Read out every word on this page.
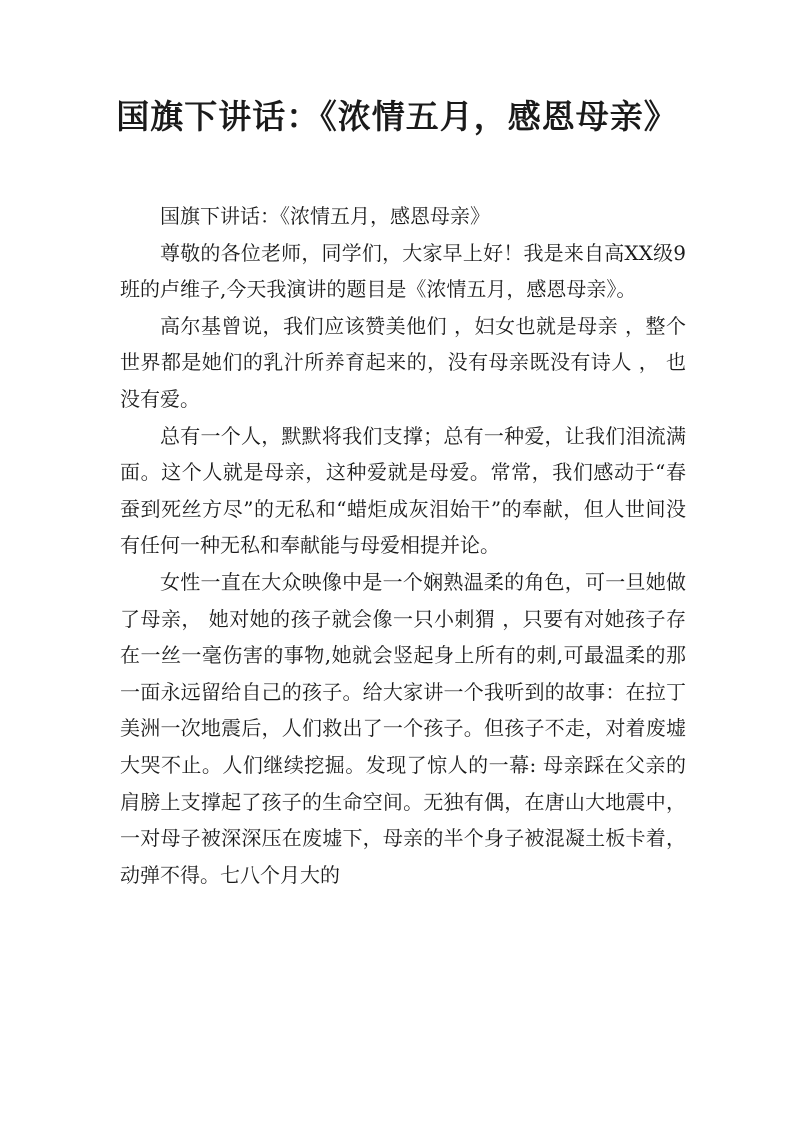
国旗下讲话：《浓情五月，感恩母亲》

国旗下讲话：《浓情五月，感恩母亲》

尊敬的各位老师，同学们，大家早上好！我是来自高XX级9班的卢维子,今天我演讲的题目是《浓情五月，感恩母亲》。

高尔基曾说，我们应该赞美他们 ，妇女也就是母亲 ，整个世界都是她们的乳汁所养育起来的，没有母亲既没有诗人 ， 也没有爱。

总有一个人，默默将我们支撑；总有一种爱，让我们泪流满面。这个人就是母亲，这种爱就是母爱。常常，我们感动于“春蚕到死丝方尽”的无私和“蜡炬成灰泪始干”的奉献，但人世间没有任何一种无私和奉献能与母爱相提并论。

女性一直在大众映像中是一个娴熟温柔的角色，可一旦她做了母亲， 她对她的孩子就会像一只小刺猬 ，只要有对她孩子存在一丝一毫伤害的事物,她就会竖起身上所有的刺,可最温柔的那一面永远留给自己的孩子。给大家讲一个我听到的故事：在拉丁美洲一次地震后，人们救出了一个孩子。但孩子不走，对着废墟大哭不止。人们继续挖掘。发现了惊人的一幕: 母亲踩在父亲的肩膀上支撑起了孩子的生命空间。无独有偶，在唐山大地震中，一对母子被深深压在废墟下，母亲的半个身子被混凝土板卡着，动弹不得。七八个月大的
